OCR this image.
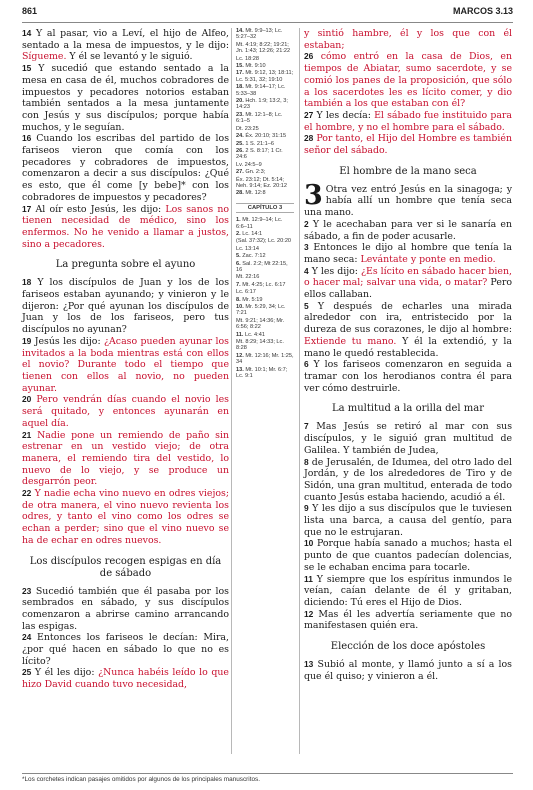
861	MARCOS 3.13

14 Y al pasar, vio a Leví, el hijo de Alfeo, sentado a la mesa de impuestos, y le dijo: Sígueme. Y él se levantó y le siguió.

15 Y sucedió que estando sentado a la mesa en casa de él, muchos cobradores de impuestos y pecadores notorios estaban también sentados a la mesa juntamente con Jesús y sus discípulos; porque había muchos, y le seguían.

16 Cuando los escribas del partido de los fariseos vieron que comía con los pecadores y cobradores de impuestos, comenzaron a decir a sus discípulos: ¿Qué es esto, que él come [y bebe]* con los cobradores de impuestos y pecadores?

17 Al oír esto Jesús, les dijo: Los sanos no tienen necesidad de médico, sino los enfermos. No he venido a llamar a justos, sino a pecadores.

La pregunta sobre el ayuno

18 Y los discípulos de Juan y los de los fariseos estaban ayunando; y vinieron y le dijeron: ¿Por qué ayunan los discípulos de Juan y los de los fariseos, pero tus discípulos no ayunan?

19 Jesús les dijo: ¿Acaso pueden ayunar los invitados a la boda mientras está con ellos el novio? Durante todo el tiempo que tienen con ellos al novio, no pueden ayunar.

20 Pero vendrán días cuando el novio les será quitado, y entonces ayunarán en aquel día.

21 Nadie pone un remiendo de paño sin estrenar en un vestido viejo; de otra manera, el remiendo tira del vestido, lo nuevo de lo viejo, y se produce un desgarrón peor.

22 Y nadie echa vino nuevo en odres viejos; de otra manera, el vino nuevo revienta los odres, y tanto el vino como los odres se echan a perder; sino que el vino nuevo se ha de echar en odres nuevos.

Los discípulos recogen espigas en día de sábado

23 Sucedió también que él pasaba por los sembrados en sábado, y sus discípulos comenzaron a abrirse camino arrancando las espigas.

24 Entonces los fariseos le decían: Mira, ¿por qué hacen en sábado lo que no es lícito?

25 Y él les dijo: ¿Nunca habéis leído lo que hizo David cuando tuvo necesidad,

14. Mt. 9:9–13; Lc. 5:27–32
Mt. 4:19; 8:22; 19:21; Jn. 1:43; 12:26; 21:22
Lc. 18:28
15. Mt. 9:10
17. Mt. 9:12, 13; 18:11; Lc. 5:31, 32; 19:10
18. Mt. 9:14–17; Lc. 5:33–38
20. Hch. 1:9; 13:2, 3; 14:23
23. Mt. 12:1–8; Lc. 6:1–5
Dt. 23:25
24. Éx. 20:10; 31:15
25. 1 S. 21:1–6
26. 2 S. 8:17; 1 Cr. 24:6
Lv. 24:5–9
27. Gn. 2:3;
Éx. 23:12; Dt. 5:14; Neh. 9:14; Ez. 20:12
28. Mt. 12:8
CAPÍTULO 3
1. Mt. 12:9–14; Lc. 6:6–11
2. Lc. 14:1
(Sal. 37:32); Lc. 20:20
Lc. 13:14
5. Zac. 7:12
6. Sal. 2:2; Mt 22:15, 16
Mt. 22:16
7. Mt. 4:25; Lc. 6:17
Lc. 6:17
8. Mr. 5:19
10. Mr. 5:29, 34; Lc. 7:21
Mt. 9:21; 14:36; Mr. 6:56; 8:22
11. Lc. 4:41
Mt. 8:29; 14:33; Lc. 8:28
12. Mt. 12:16; Mr. 1:25, 34
13. Mt. 10:1; Mr. 6:7; Lc. 9:1

y sintió hambre, él y los que con él estaban;

26 cómo entró en la casa de Dios, en tiempos de Abiatar, sumo sacerdote, y se comió los panes de la proposición, que sólo a los sacerdotes les es lícito comer, y dio también a los que estaban con él?

27 Y les decía: El sábado fue instituido para el hombre, y no el hombre para el sábado.

28 Por tanto, el Hijo del Hombre es también señor del sábado.

El hombre de la mano seca

3 Otra vez entró Jesús en la sinagoga; y había allí un hombre que tenía seca una mano.

2 Y le acechaban para ver si le sanaría en sábado, a fin de poder acusarle.

3 Entonces le dijo al hombre que tenía la mano seca: Levántate y ponte en medio.

4 Y les dijo: ¿Es lícito en sábado hacer bien, o hacer mal; salvar una vida, o matar? Pero ellos callaban.

5 Y después de echarles una mirada alrededor con ira, entristecido por la dureza de sus corazones, le dijo al hombre: Extiende tu mano. Y él la extendió, y la mano le quedó restablecida.

6 Y los fariseos comenzaron en seguida a tramar con los herodianos contra él para ver cómo destruirle.

La multitud a la orilla del mar

7 Mas Jesús se retiró al mar con sus discípulos, y le siguió gran multitud de Galilea. Y también de Judea,

8 de Jerusalén, de Idumea, del otro lado del Jordán, y de los alrededores de Tiro y de Sidón, una gran multitud, enterada de todo cuanto Jesús estaba haciendo, acudió a él.

9 Y les dijo a sus discípulos que le tuviesen lista una barca, a causa del gentío, para que no le estrujaran.

10 Porque había sanado a muchos; hasta el punto de que cuantos padecían dolencias, se le echaban encima para tocarle.

11 Y siempre que los espíritus inmundos le veían, caían delante de él y gritaban, diciendo: Tú eres el Hijo de Dios.

12 Mas él les advertía seriamente que no manifestasen quién era.

Elección de los doce apóstoles

13 Subió al monte, y llamó junto a sí a los que él quiso; y vinieron a él.

*Los corchetes indican pasajes omitidos por algunos de los principales manuscritos.
